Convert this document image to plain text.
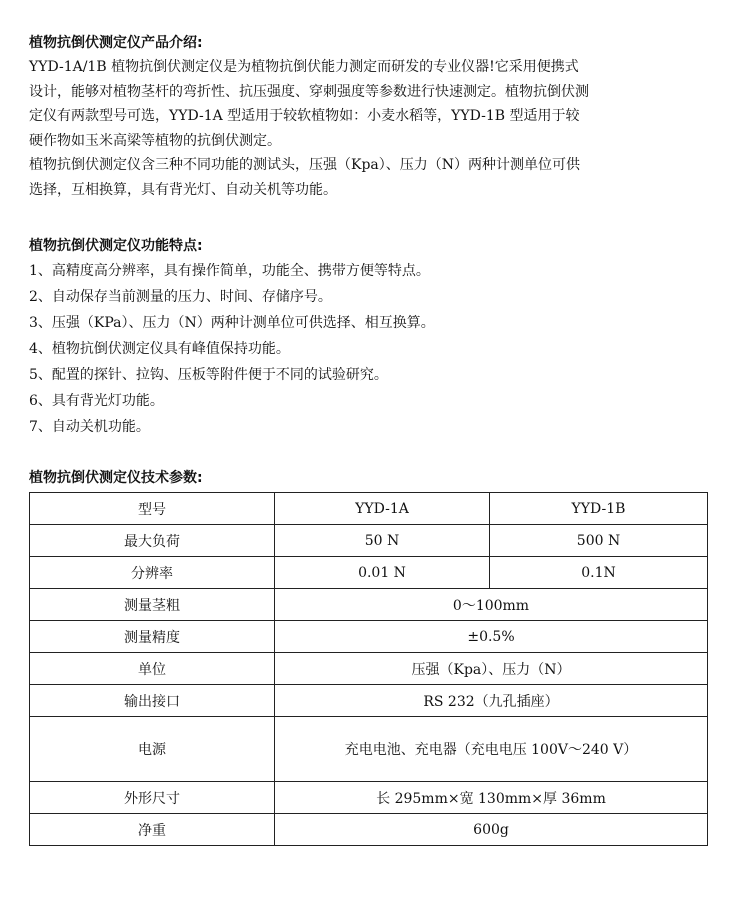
植物抗倒伏测定仪产品介绍:
YYD-1A/1B 植物抗倒伏测定仪是为植物抗倒伏能力测定而研发的专业仪器!它采用便携式
设计，能够对植物茎杆的弯折性、抗压强度、穿刺强度等参数进行快速测定。植物抗倒伏测
定仪有两款型号可选，YYD-1A 型适用于较软植物如：小麦水稻等，YYD-1B 型适用于较
硬作物如玉米高梁等植物的抗倒伏测定。
植物抗倒伏测定仪含三种不同功能的测试头，压强（Kpa）、压力（N）两种计测单位可供
选择，互相换算，具有背光灯、自动关机等功能。
植物抗倒伏测定仪功能特点:
1、高精度高分辨率，具有操作简单，功能全、携带方便等特点。
2、自动保存当前测量的压力、时间、存储序号。
3、压强（KPa）、压力（N）两种计测单位可供选择、相互换算。
4、植物抗倒伏测定仪具有峰值保持功能。
5、配置的探针、拉钩、压板等附件便于不同的试验研究。
6、具有背光灯功能。
7、自动关机功能。
植物抗倒伏测定仪技术参数:
型号	YYD-1A	YYD-1B
最大负荷	50 N	500 N
分辨率	0.01 N	0.1N
测量茎粗	0～100mm	
测量精度	±0.5%	
单位	压强（Kpa）、压力（N）	
输出接口	RS 232（九孔插座）	
电源	充电电池、充电器（充电电压 100V～240 V）	
外形尺寸	长 295mm×宽 130mm×厚 36mm	
净重	600g	
